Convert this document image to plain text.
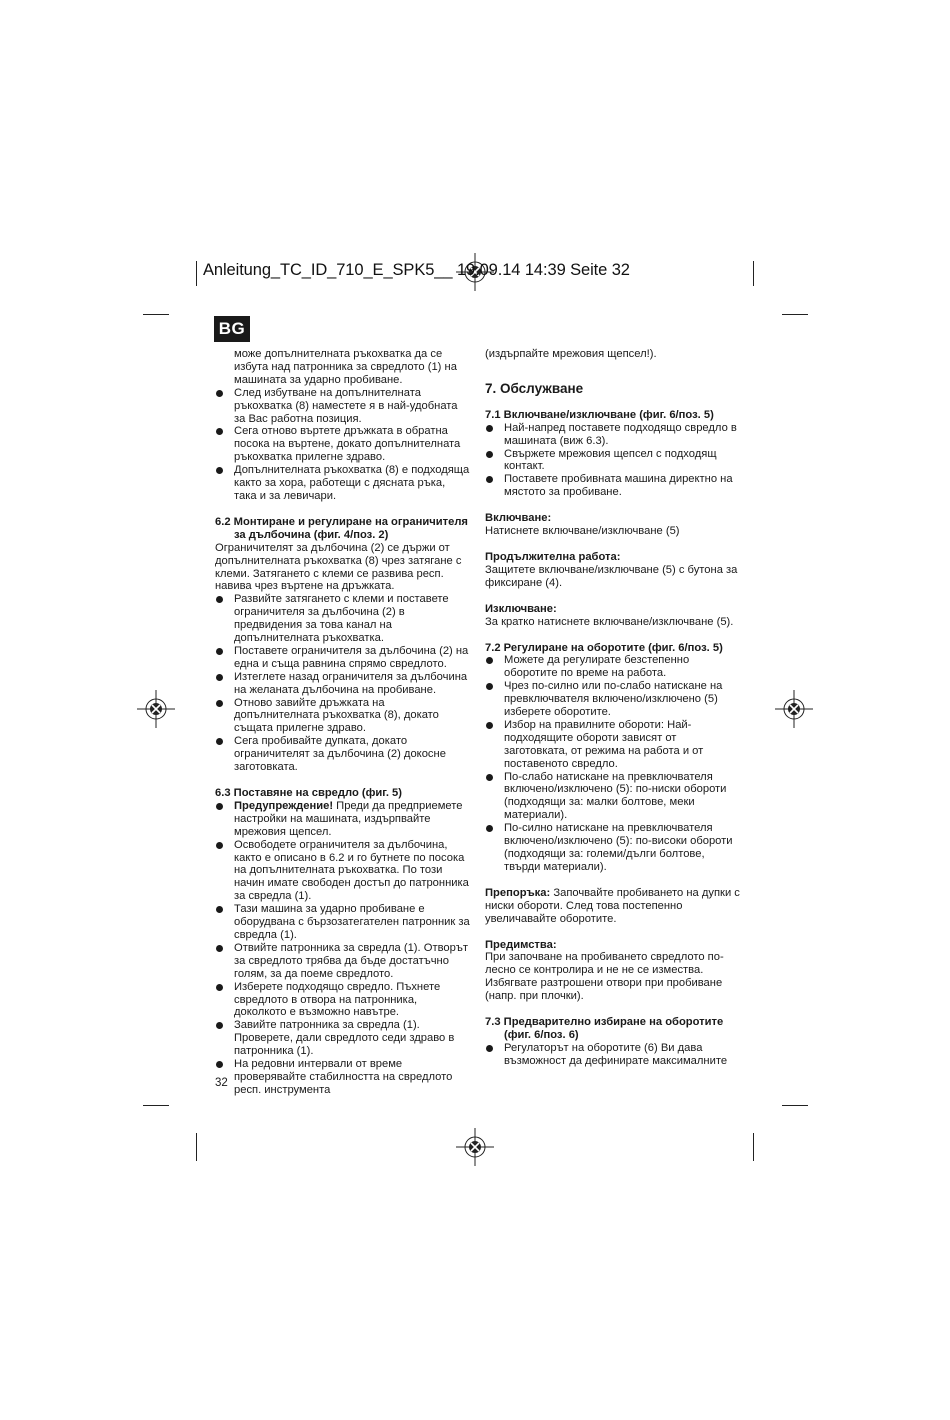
Anleitung_TC_ID_710_E_SPK5__ 19.09.14 14:39 Seite 32
BG

може допълнителната ръкохватка да се избута над патронника за свредлото (1) на машината за ударно пробиване.

След избутване на допълнителната ръкохватка (8) наместете я в най-удобната за Вас работна позиция.
Сега отново въртете дръжката в обратна посока на въртене, докато допълнителната ръкохватка прилегне здраво.
Допълнителната ръкохватка (8) е подходяща както за хора, работещи с дясната ръка, така и за левичари.

6.2 Монтиране и регулиране на ограничителя за дълбочина (фиг. 4/поз. 2)

Ограничителят за дълбочина (2) се държи от допълнителната ръкохватка (8) чрез затягане с клеми. Затягането с клеми се развива респ. навива чрез въртене на дръжката.

Развийте затягането с клеми и поставете ограничителя за дълбочина (2) в предвидения за това канал на допълнителната ръкохватка.
Поставете ограничителя за дълбочина (2) на една и съща равнина спрямо свредлото.
Изтеглете назад ограничителя за дълбочина на желаната дълбочина на пробиване.
Отново завийте дръжката на допълнителната ръкохватка (8), докато същата прилегне здраво.
Сега пробивайте дупката, докато ограничителят за дълбочина (2) докосне заготовката.

6.3 Поставяне на свредло (фиг. 5)

Предупреждение! Преди да предприемете настройки на машината, издърпвайте мрежовия щепсел.
Освободете ограничителя за дълбочина, както е описано в 6.2 и го бутнете по посока на допълнителната ръкохватка. По този начин имате свободен достъп до патронника за свредла (1).
Тази машина за ударно пробиване е оборудвана с бързозатегателен патронник за свредла (1).
Отвийте патронника за свредла (1). Отворът за свредлото трябва да бъде достатъчно голям, за да поеме свредлото.
Изберете подходящо свредло. Пъхнете свредлото в отвора на патронника, доколкото е възможно навътре.
Завийте патронника за свредла (1). Проверете, дали свредлото седи здраво в патронника (1).
На редовни интервали от време проверявайте стабилността на свредлото респ. инструмента

(издърпайте мрежовия щепсел!).

7. Обслужване

7.1 Включване/изключване (фиг. 6/поз. 5)

Най-напред поставете подходящо свредло в машината (виж 6.3).
Свържете мрежовия щепсел с подходящ контакт.
Поставете пробивната машина директно на мястото за пробиване.

Включване:

Натиснете включване/изключване (5)

Продължителна работа:

Защитете включване/изключване (5) с бутона за фиксиране (4).

Изключване:

За кратко натиснете включване/изключване (5).

7.2 Регулиране на оборотите (фиг. 6/поз. 5)

Можете да регулирате безстепенно оборотите по време на работа.
Чрез по-силно или по-слабо натискане на превключвателя включено/изключено (5) изберете оборотите.
Избор на правилните обороти: Най-подходящите обороти зависят от заготовката, от режима на работа и от поставеното свредло.
По-слабо натискане на превключвателя включено/изключено (5): по-ниски обороти (подходящи за: малки болтове, меки материали).
По-силно натискане на превключвателя включено/изключено (5): по-високи обороти (подходящи за: големи/дълги болтове, твърди материали).

Препоръка: Започвайте пробиването на дупки с ниски обороти. След това постепенно увеличавайте оборотите.

Предимства:

При започване на пробиването свредлото по-лесно се контролира и не не се измества. Избягвате разтрошени отвори при пробиване (напр. при плочки).

7.3 Предварително избиране на оборотите (фиг. 6/поз. 6)

Регулаторът на оборотите (6) Ви дава възможност да дефинирате максималните
32
